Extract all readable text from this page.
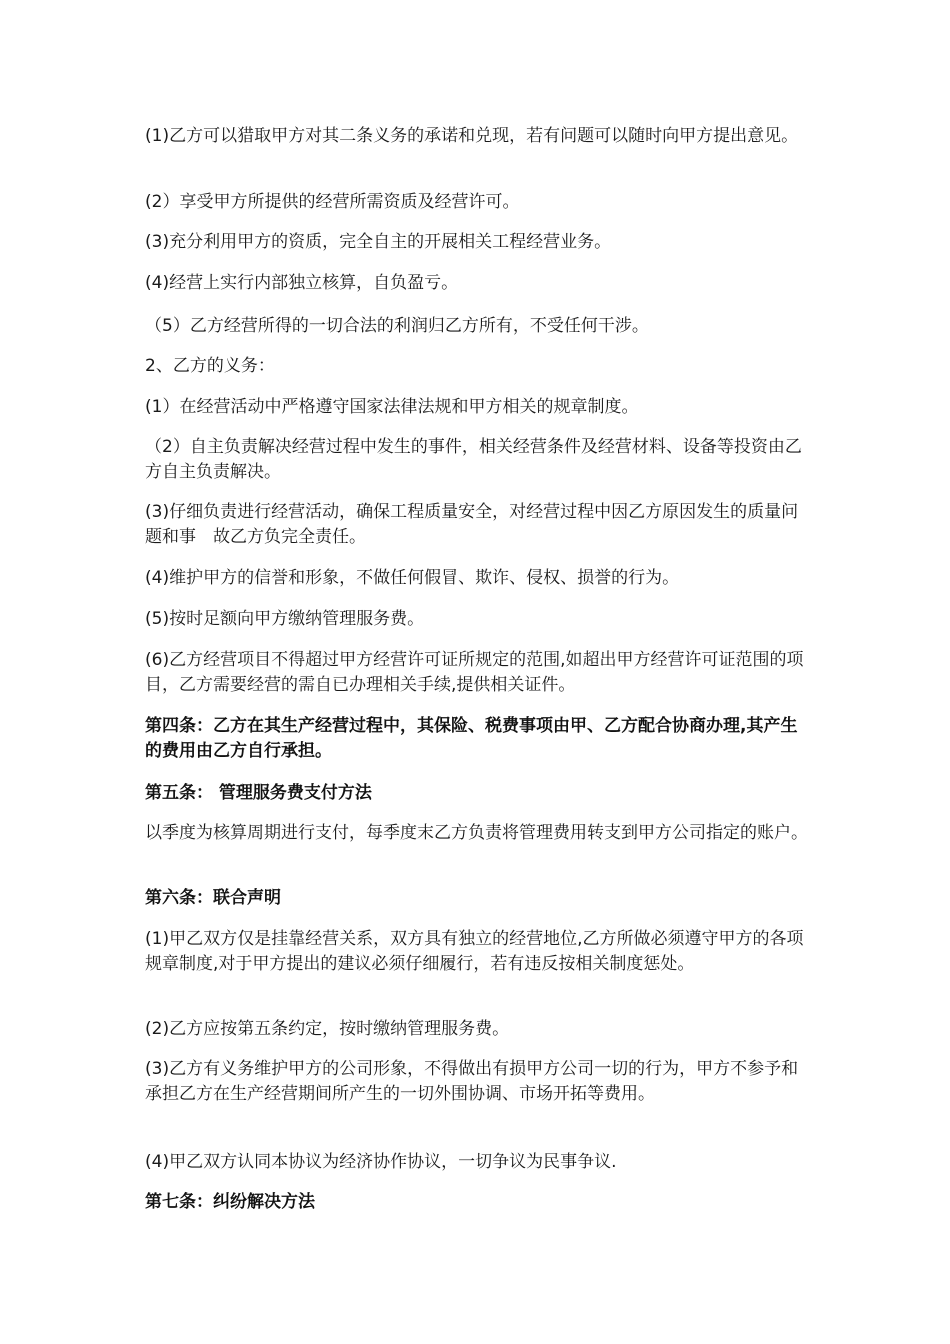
(1)乙方可以猎取甲方对其二条义务的承诺和兑现，若有问题可以随时向甲方提出意见。

(2）享受甲方所提供的经营所需资质及经营许可。

(3)充分利用甲方的资质，完全自主的开展相关工程经营业务。

(4)经营上实行内部独立核算，自负盈亏。

（5）乙方经营所得的一切合法的利润归乙方所有，不受任何干涉。

2、乙方的义务：

(1）在经营活动中严格遵守国家法律法规和甲方相关的规章制度。

（2）自主负责解决经营过程中发生的事件，相关经营条件及经营材料、设备等投资由乙方自主负责解决。

(3)仔细负责进行经营活动，确保工程质量安全，对经营过程中因乙方原因发生的质量问题和事　故乙方负完全责任。

(4)维护甲方的信誉和形象，不做任何假冒、欺诈、侵权、损誉的行为。

(5)按时足额向甲方缴纳管理服务费。

(6)乙方经营项目不得超过甲方经营许可证所规定的范围,如超出甲方经营许可证范围的项目，乙方需要经营的需自已办理相关手续,提供相关证件。

第四条：乙方在其生产经营过程中，其保险、税费事项由甲、乙方配合协商办理,其产生的费用由乙方自行承担。

第五条： 管理服务费支付方法

以季度为核算周期进行支付，每季度末乙方负责将管理费用转支到甲方公司指定的账户。

第六条：联合声明

(1)甲乙双方仅是挂靠经营关系，双方具有独立的经营地位,乙方所做必须遵守甲方的各项规章制度,对于甲方提出的建议必须仔细履行，若有违反按相关制度惩处。

(2)乙方应按第五条约定，按时缴纳管理服务费。

(3)乙方有义务维护甲方的公司形象，不得做出有损甲方公司一切的行为，甲方不参予和承担乙方在生产经营期间所产生的一切外围协调、市场开拓等费用。

(4)甲乙双方认同本协议为经济协作协议，一切争议为民事争议.

第七条：纠纷解决方法
